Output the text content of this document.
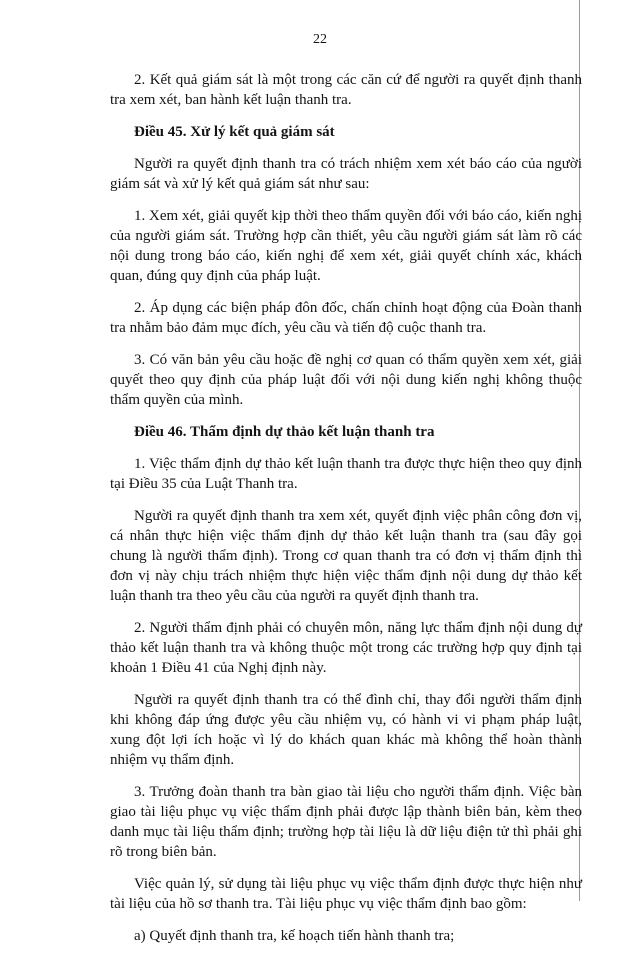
22

2. Kết quả giám sát là một trong các căn cứ để người ra quyết định thanh tra xem xét, ban hành kết luận thanh tra.

Điều 45. Xử lý kết quả giám sát

Người ra quyết định thanh tra có trách nhiệm xem xét báo cáo của người giám sát và xử lý kết quả giám sát như sau:

1. Xem xét, giải quyết kịp thời theo thẩm quyền đối với báo cáo, kiến nghị của người giám sát. Trường hợp cần thiết, yêu cầu người giám sát làm rõ các nội dung trong báo cáo, kiến nghị để xem xét, giải quyết chính xác, khách quan, đúng quy định của pháp luật.

2. Áp dụng các biện pháp đôn đốc, chấn chỉnh hoạt động của Đoàn thanh tra nhằm bảo đảm mục đích, yêu cầu và tiến độ cuộc thanh tra.

3. Có văn bản yêu cầu hoặc đề nghị cơ quan có thẩm quyền xem xét, giải quyết theo quy định của pháp luật đối với nội dung kiến nghị không thuộc thẩm quyền của mình.

Điều 46. Thẩm định dự thảo kết luận thanh tra

1. Việc thẩm định dự thảo kết luận thanh tra được thực hiện theo quy định tại Điều 35 của Luật Thanh tra.

Người ra quyết định thanh tra xem xét, quyết định việc phân công đơn vị, cá nhân thực hiện việc thẩm định dự thảo kết luận thanh tra (sau đây gọi chung là người thẩm định). Trong cơ quan thanh tra có đơn vị thẩm định thì đơn vị này chịu trách nhiệm thực hiện việc thẩm định nội dung dự thảo kết luận thanh tra theo yêu cầu của người ra quyết định thanh tra.

2. Người thẩm định phải có chuyên môn, năng lực thẩm định nội dung dự thảo kết luận thanh tra và không thuộc một trong các trường hợp quy định tại khoản 1 Điều 41 của Nghị định này.

Người ra quyết định thanh tra có thể đình chỉ, thay đổi người thẩm định khi không đáp ứng được yêu cầu nhiệm vụ, có hành vi vi phạm pháp luật, xung đột lợi ích hoặc vì lý do khách quan khác mà không thể hoàn thành nhiệm vụ thẩm định.

3. Trưởng đoàn thanh tra bàn giao tài liệu cho người thẩm định. Việc bàn giao tài liệu phục vụ việc thẩm định phải được lập thành biên bản, kèm theo danh mục tài liệu thẩm định; trường hợp tài liệu là dữ liệu điện tử thì phải ghi rõ trong biên bản.

Việc quản lý, sử dụng tài liệu phục vụ việc thẩm định được thực hiện như tài liệu của hồ sơ thanh tra. Tài liệu phục vụ việc thẩm định bao gồm:

a) Quyết định thanh tra, kế hoạch tiến hành thanh tra;
